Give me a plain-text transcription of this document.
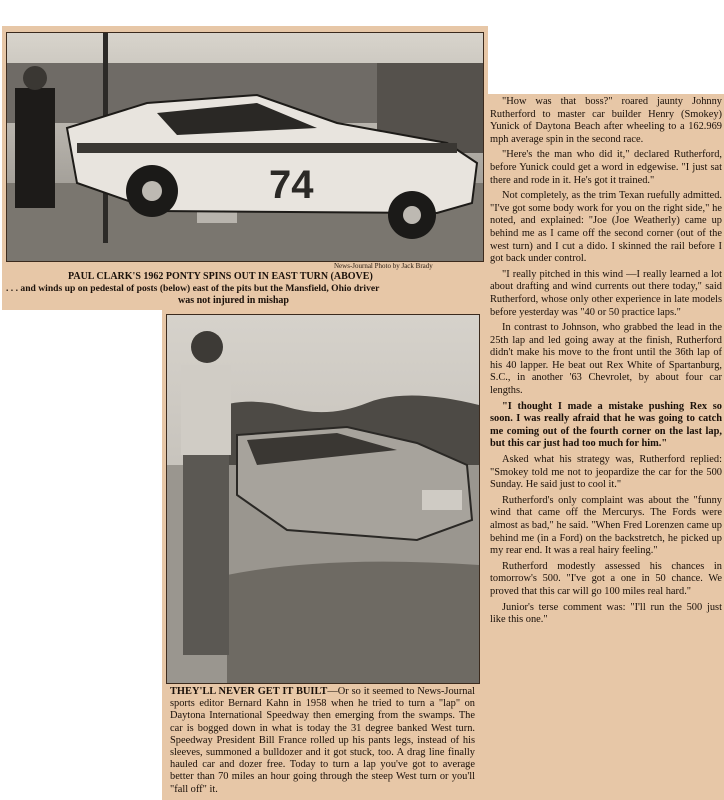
74
News-Journal Photo by Jack Brady
PAUL CLARK'S 1962 PONTY SPINS OUT IN EAST TURN (ABOVE)
. . . and winds up on pedestal of posts (below) east of the pits but the Mansfield, Ohio driver
was not injured in mishap

"How was that boss?" roared jaunty Johnny Rutherford to master car builder Henry (Smokey) Yunick of Daytona Beach after wheeling to a 162.969 mph average spin in the second race.

"Here's the man who did it," declared Rutherford, before Yunick could get a word in edgewise. "I just sat there and rode in it. He's got it trained."

Not completely, as the trim Texan ruefully admitted. "I've got some body work for you on the right side," he noted, and explained: "Joe (Joe Weatherly) came up behind me as I came off the second corner (out of the west turn) and I cut a dido. I skinned the rail before I got back under control.

"I really pitched in this wind —I really learned a lot about drafting and wind currents out there today," said Rutherford, whose only other experience in late models before yesterday was "40 or 50 practice laps."

In contrast to Johnson, who grabbed the lead in the 25th lap and led going away at the finish, Rutherford didn't make his move to the front until the 36th lap of his 40 lapper. He beat out Rex White of Spartanburg, S.C., in another '63 Chevrolet, by about four car lengths.

"I thought I made a mistake pushing Rex so soon. I was really afraid that he was going to catch me coming out of the fourth corner on the last lap, but this car just had too much for him."

Asked what his strategy was, Rutherford replied: "Smokey told me not to jeopardize the car for the 500 Sunday. He said just to cool it."

Rutherford's only complaint was about the "funny wind that came off the Mercurys. The Fords were almost as bad," he said. "When Fred Lorenzen came up behind me (in a Ford) on the backstretch, he picked up my rear end. It was a real hairy feeling."

Rutherford modestly assessed his chances in tomorrow's 500. "I've got a one in 50 chance. We proved that this car will go 100 miles real hard."

Junior's terse comment was: "I'll run the 500 just like this one."

THEY'LL NEVER GET IT BUILT—Or so it seemed to News-Journal sports editor Bernard Kahn in 1958 when he tried to turn a "lap" on Daytona International Speedway then emerging from the swamps. The car is bogged down in what is today the 31 degree banked West turn. Speedway President Bill France rolled up his pants legs, instead of his sleeves, summoned a bulldozer and it got stuck, too. A drag line finally hauled car and dozer free. Today to turn a lap you've got to average better than 70 miles an hour going through the steep West turn or you'll "fall off" it.
